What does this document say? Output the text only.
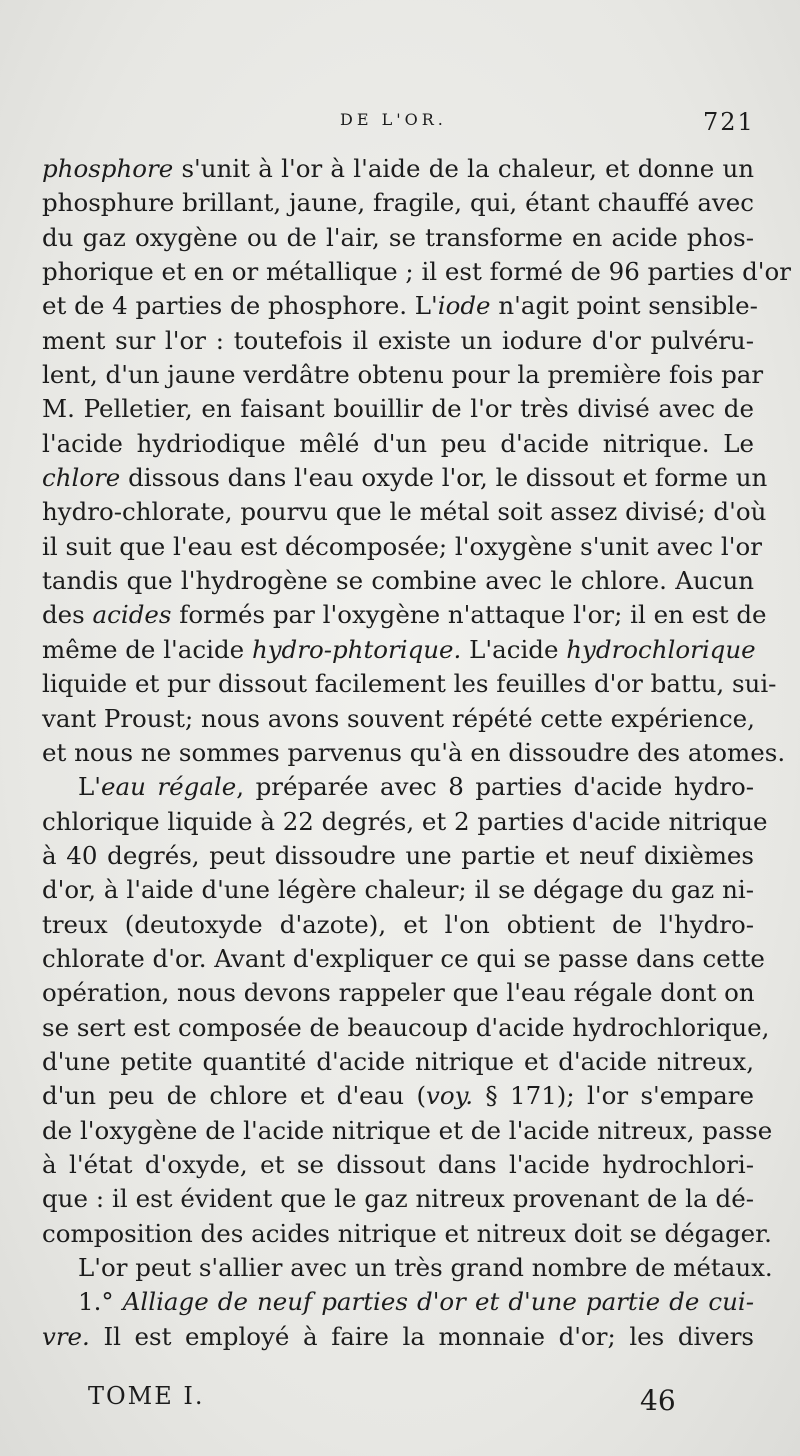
DE L'OR.	721
phosphore s'unit à l'or à l'aide de la chaleur, et donne un
phosphure brillant, jaune, fragile, qui, étant chauffé avec
du gaz oxygène ou de l'air, se transforme en acide phos-
phorique et en or métallique ; il est formé de 96 parties d'or
et de 4 parties de phosphore. L'iode n'agit point sensible-
ment sur l'or : toutefois il existe un iodure d'or pulvéru-
lent, d'un jaune verdâtre obtenu pour la première fois par
M. Pelletier, en faisant bouillir de l'or très divisé avec de
l'acide hydriodique mêlé d'un peu d'acide nitrique. Le
chlore dissous dans l'eau oxyde l'or, le dissout et forme un
hydro-chlorate, pourvu que le métal soit assez divisé; d'où
il suit que l'eau est décomposée; l'oxygène s'unit avec l'or
tandis que l'hydrogène se combine avec le chlore. Aucun
des acides formés par l'oxygène n'attaque l'or; il en est de
même de l'acide hydro-phtorique. L'acide hydrochlorique
liquide et pur dissout facilement les feuilles d'or battu, sui-
vant Proust; nous avons souvent répété cette expérience,
et nous ne sommes parvenus qu'à en dissoudre des atomes.
L'eau régale, préparée avec 8 parties d'acide hydro-
chlorique liquide à 22 degrés, et 2 parties d'acide nitrique
à 40 degrés, peut dissoudre une partie et neuf dixièmes
d'or, à l'aide d'une légère chaleur; il se dégage du gaz ni-
treux (deutoxyde d'azote), et l'on obtient de l'hydro-
chlorate d'or. Avant d'expliquer ce qui se passe dans cette
opération, nous devons rappeler que l'eau régale dont on
se sert est composée de beaucoup d'acide hydrochlorique,
d'une petite quantité d'acide nitrique et d'acide nitreux,
d'un peu de chlore et d'eau (voy. § 171); l'or s'empare
de l'oxygène de l'acide nitrique et de l'acide nitreux, passe
à l'état d'oxyde, et se dissout dans l'acide hydrochlori-
que : il est évident que le gaz nitreux provenant de la dé-
composition des acides nitrique et nitreux doit se dégager.
L'or peut s'allier avec un très grand nombre de métaux.
1.° Alliage de neuf parties d'or et d'une partie de cui-
vre. Il est employé à faire la monnaie d'or; les divers
TOME I.	46
